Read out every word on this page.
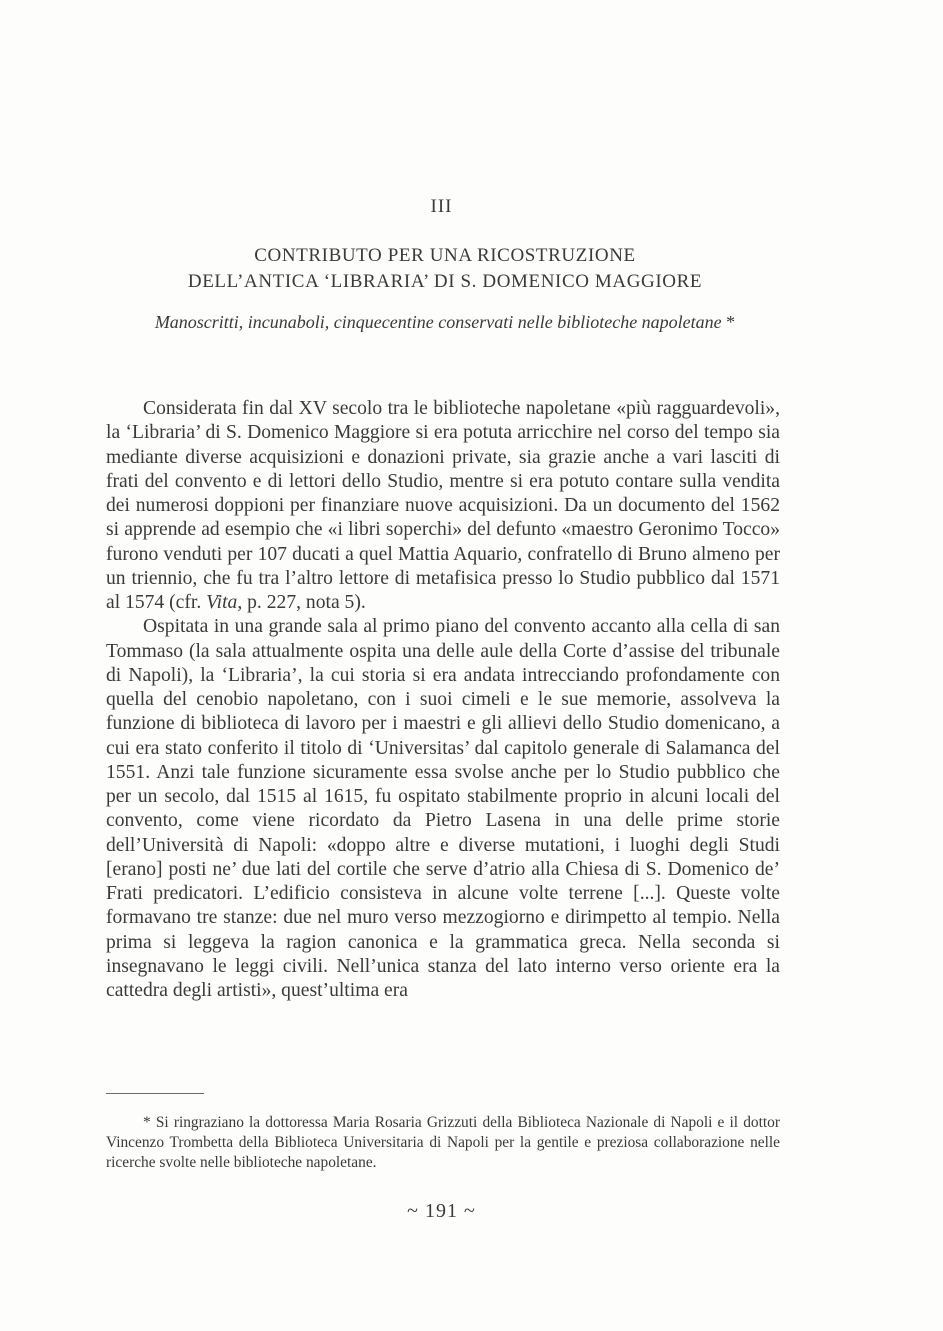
III
CONTRIBUTO PER UNA RICOSTRUZIONE
DELL’ANTICA ‘LIBRARIA’ DI S. DOMENICO MAGGIORE
Manoscritti, incunaboli, cinquecentine conservati nelle biblioteche napoletane *

Considerata fin dal XV secolo tra le biblioteche napoletane «più ragguardevoli», la ‘Libraria’ di S. Domenico Maggiore si era potuta arricchire nel corso del tempo sia mediante diverse acquisizioni e donazioni private, sia grazie anche a vari lasciti di frati del convento e di lettori dello Studio, mentre si era potuto contare sulla vendita dei numerosi doppioni per finanziare nuove acquisizioni. Da un documento del 1562 si apprende ad esempio che «i libri soperchi» del defunto «maestro Geronimo Tocco» furono venduti per 107 ducati a quel Mattia Aquario, confratello di Bruno almeno per un triennio, che fu tra l’altro lettore di metafisica presso lo Studio pubblico dal 1571 al 1574 (cfr. Vita, p. 227, nota 5).

Ospitata in una grande sala al primo piano del convento accanto alla cella di san Tommaso (la sala attualmente ospita una delle aule della Corte d’assise del tribunale di Napoli), la ‘Libraria’, la cui storia si era andata intrecciando profondamente con quella del cenobio napoletano, con i suoi cimeli e le sue memorie, assolveva la funzione di biblioteca di lavoro per i maestri e gli allievi dello Studio domenicano, a cui era stato conferito il titolo di ‘Universitas’ dal capitolo generale di Salamanca del 1551. Anzi tale funzione sicuramente essa svolse anche per lo Studio pubblico che per un secolo, dal 1515 al 1615, fu ospitato stabilmente proprio in alcuni locali del convento, come viene ricordato da Pietro Lasena in una delle prime storie dell’Università di Napoli: «doppo altre e diverse mutationi, i luoghi degli Studi [erano] posti ne’ due lati del cortile che serve d’atrio alla Chiesa di S. Domenico de’ Frati predicatori. L’edificio consisteva in alcune volte terrene [...]. Queste volte formavano tre stanze: due nel muro verso mezzogiorno e dirimpetto al tempio. Nella prima si leggeva la ragion canonica e la grammatica greca. Nella seconda si insegnavano le leggi civili. Nell’unica stanza del lato interno verso oriente era la cattedra degli artisti», quest’ultima era

* Si ringraziano la dottoressa Maria Rosaria Grizzuti della Biblioteca Nazionale di Napoli e il dottor Vincenzo Trombetta della Biblioteca Universitaria di Napoli per la gentile e preziosa collaborazione nelle ricerche svolte nelle biblioteche napoletane.

~ 191 ~
